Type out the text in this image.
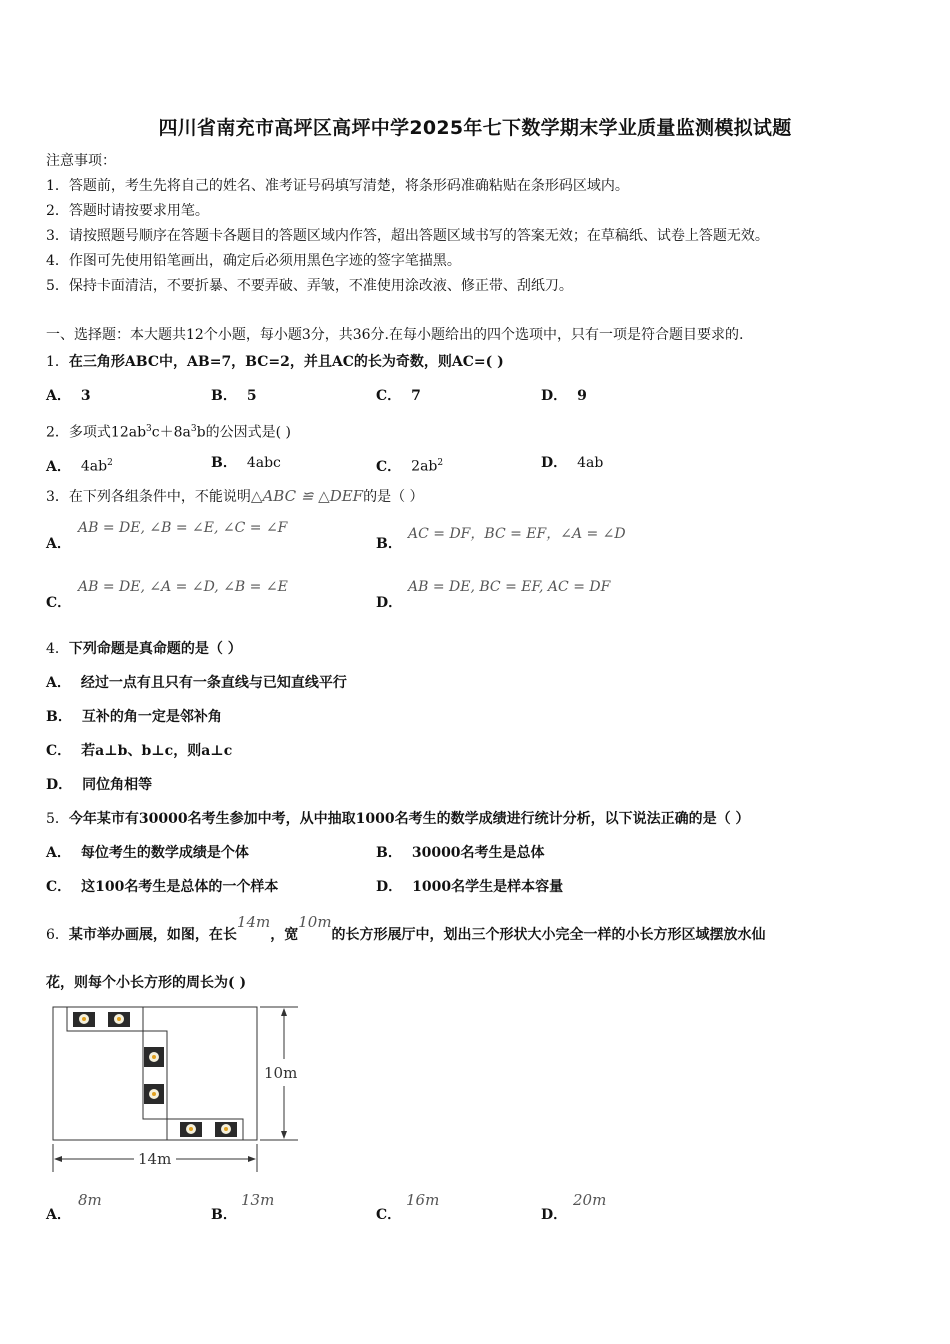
四川省南充市高坪区高坪中学2025年七下数学期末学业质量监测模拟试题
注意事项：
1．答题前，考生先将自己的姓名、准考证号码填写清楚，将条形码准确粘贴在条形码区域内。
2．答题时请按要求用笔。
3．请按照题号顺序在答题卡各题目的答题区域内作答，超出答题区域书写的答案无效；在草稿纸、试卷上答题无效。
4．作图可先使用铅笔画出，确定后必须用黑色字迹的签字笔描黑。
5．保持卡面清洁，不要折暴、不要弄破、弄皱，不准使用涂改液、修正带、刮纸刀。
一、选择题：本大题共12个小题，每小题3分，共36分.在每小题给出的四个选项中，只有一项是符合题目要求的.
1．在三角形ABC中，AB=7，BC=2，并且AC的长为奇数，则AC=( )
A． 3	B． 5	C． 7	D． 9
2．多项式$12ab^3c+8a^3b$的公因式是( )
A． $4ab^2$	B． 4abc	C． $2ab^2$	D． 4ab
3．在下列各组条件中，不能说明△ABC ≌ △DEF的是（ ）
A．
AB = DE, ∠B = ∠E, ∠C = ∠F
B．
AC = DF，BC = EF，∠A = ∠D
C．
AB = DE, ∠A = ∠D, ∠B = ∠E
D．
AB = DE, BC = EF, AC = DF
4．下列命题是真命题的是（ ）
A． 经过一点有且只有一条直线与已知直线平行
B． 互补的角一定是邻补角
C． 若a⊥b、b⊥c，则a⊥c
D． 同位角相等
5．今年某市有30000名考生参加中考，从中抽取1000名考生的数学成绩进行统计分析，以下说法正确的是（ ）
A． 每位考生的数学成绩是个体	B． 30000名考生是总体
C． 这100名考生是总体的一个样本	D． 1000名学生是样本容量
6．某市举办画展，如图，在长14m，宽10m的长方形展厅中，划出三个形状大小完全一样的小长方形区域摆放水仙
花，则每个小长方形的周长为( )
10m
14m
A．
8m
B．
13m
C．
16m
D．
20m
